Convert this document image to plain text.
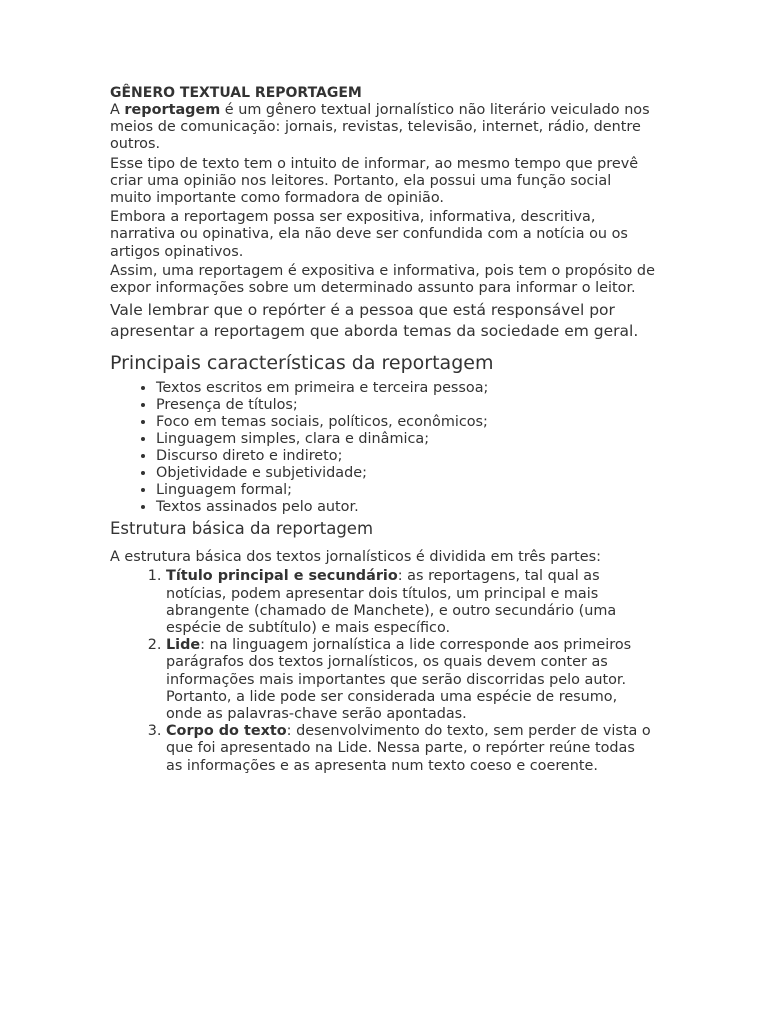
GÊNERO TEXTUAL REPORTAGEM

A reportagem é um gênero textual jornalístico não literário veiculado nos meios de comunicação: jornais, revistas, televisão, internet, rádio, dentre outros.

Esse tipo de texto tem o intuito de informar, ao mesmo tempo que prevê criar uma opinião nos leitores. Portanto, ela possui uma função social muito importante como formadora de opinião.

Embora a reportagem possa ser expositiva, informativa, descritiva, narrativa ou opinativa, ela não deve ser confundida com a notícia ou os artigos opinativos.

Assim, uma reportagem é expositiva e informativa, pois tem o propósito de expor informações sobre um determinado assunto para informar o leitor.

Vale lembrar que o repórter é a pessoa que está responsável por apresentar a reportagem que aborda temas da sociedade em geral.

Principais características da reportagem
• Textos escritos em primeira e terceira pessoa;
• Presença de títulos;
• Foco em temas sociais, políticos, econômicos;
• Linguagem simples, clara e dinâmica;
• Discurso direto e indireto;
• Objetividade e subjetividade;
• Linguagem formal;
• Textos assinados pelo autor.
Estrutura básica da reportagem

A estrutura básica dos textos jornalísticos é dividida em três partes:

1. Título principal e secundário: as reportagens, tal qual as notícias, podem apresentar dois títulos, um principal e mais abrangente (chamado de Manchete), e outro secundário (uma espécie de subtítulo) e mais específico.
2. Lide: na linguagem jornalística a lide corresponde aos primeiros parágrafos dos textos jornalísticos, os quais devem conter as informações mais importantes que serão discorridas pelo autor. Portanto, a lide pode ser considerada uma espécie de resumo, onde as palavras-chave serão apontadas.
3. Corpo do texto: desenvolvimento do texto, sem perder de vista o que foi apresentado na Lide. Nessa parte, o repórter reúne todas as informações e as apresenta num texto coeso e coerente.
